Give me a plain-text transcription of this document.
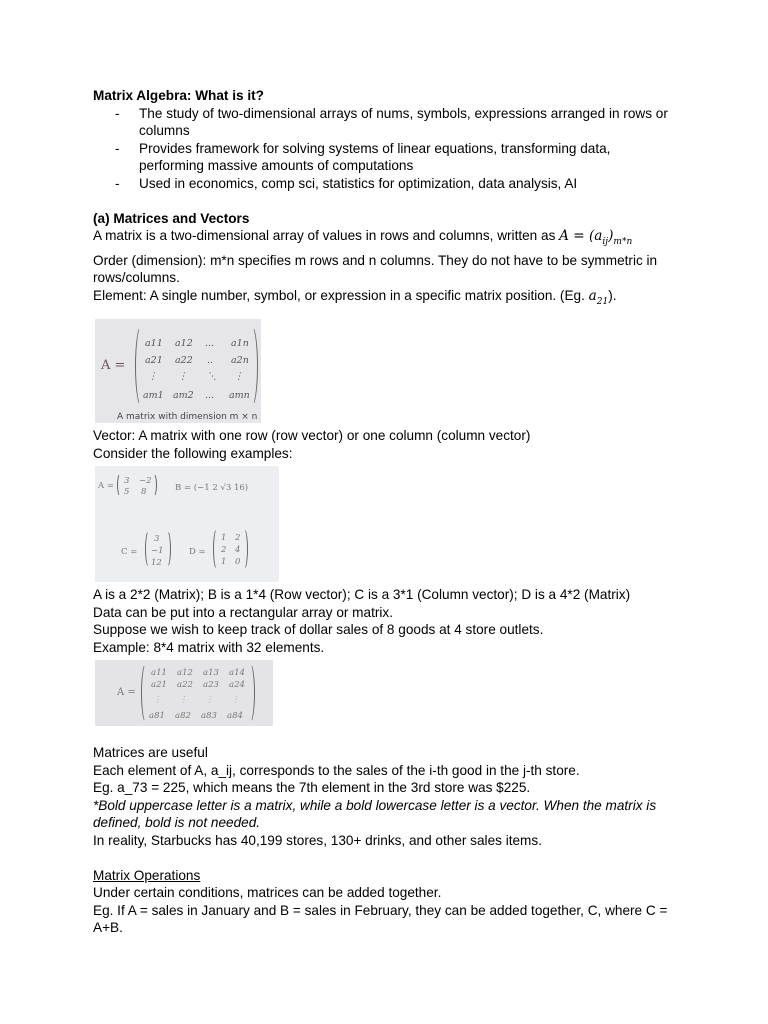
Matrix Algebra: What is it?

- The study of two-dimensional arrays of nums, symbols, expressions arranged in rows or columns
- Provides framework for solving systems of linear equations, transforming data, performing massive amounts of computations
- Used in economics, comp sci, statistics for optimization, data analysis, AI

(a) Matrices and Vectors

A matrix is a two-dimensional array of values in rows and columns, written as $A = (a_{ij})_{m*n}$

Order (dimension): m*n specifies m rows and n columns. They do not have to be symmetric in rows/columns.

Element: A single number, symbol, or expression in a specific matrix position. (Eg. $a_{21}$).

A =
a11 a12 ... a1n
a21 a22 .. a2n
⋮ ⋮ ⋱ ⋮
am1 am2 ... amn
A matrix with dimension m × n

Vector: A matrix with one row (row vector) or one column (column vector)

Consider the following examples:

A = 3 −2
5 8	B = (−1 2 √3 16)
C =
3
−1
12
D =
1 2
2 4
1 0

A is a 2*2 (Matrix); B is a 1*4 (Row vector); C is a 3*1 (Column vector); D is a 4*2 (Matrix)

Data can be put into a rectangular array or matrix.

Suppose we wish to keep track of dollar sales of 8 goods at 4 store outlets.

Example: 8*4 matrix with 32 elements.

A =
a11 a12 a13 a14
a21 a22 a23 a24
⋮ ⋮ ⋮ ⋮
a81 a82 a83 a84

Matrices are useful

Each element of A, a_ij, corresponds to the sales of the i-th good in the j-th store.

Eg. a_73 = 225, which means the 7th element in the 3rd store was $225.

*Bold uppercase letter is a matrix, while a bold lowercase letter is a vector. When the matrix is defined, bold is not needed.

In reality, Starbucks has 40,199 stores, 130+ drinks, and other sales items.

Matrix Operations

Under certain conditions, matrices can be added together.

Eg. If A = sales in January and B = sales in February, they can be added together, C, where C = A+B.
